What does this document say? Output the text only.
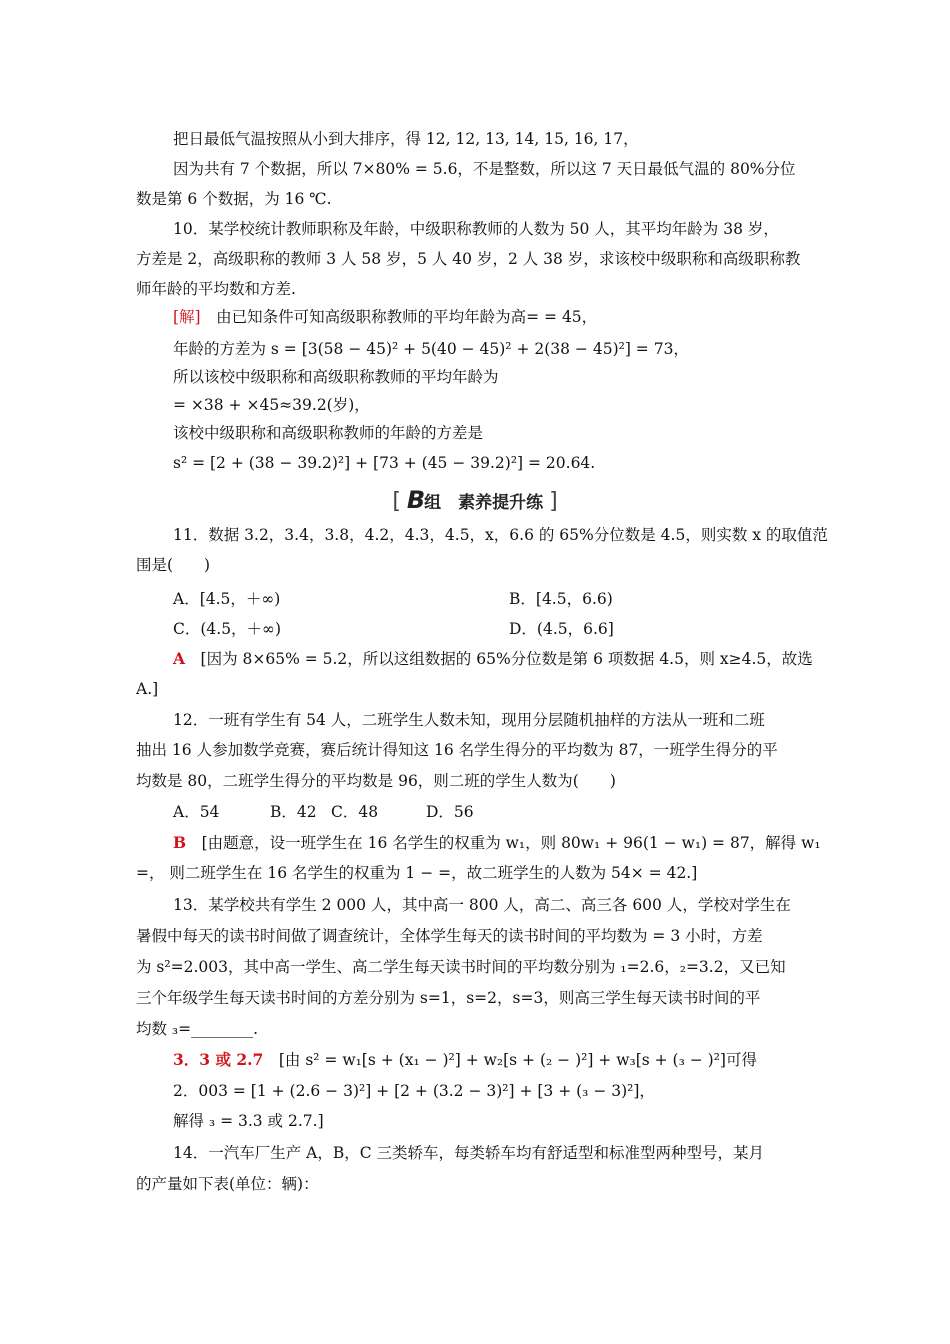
把日最低气温按照从小到大排序，得 12, 12, 13, 14, 15, 16, 17，
因为共有 7 个数据，所以 7×80% = 5.6，不是整数，所以这 7 天日最低气温的 80%分位
数是第 6 个数据，为 16 ℃.
10．某学校统计教师职称及年龄，中级职称教师的人数为 50 人，其平均年龄为 38 岁，
方差是 2，高级职称的教师 3 人 58 岁，5 人 40 岁，2 人 38 岁，求该校中级职称和高级职称教
师年龄的平均数和方差.
年龄的方差为 s = [3(58 − 45)² + 5(40 − 45)² + 2(38 − 45)²] = 73，
所以该校中级职称和高级职称教师的平均年龄为
= ×38 + ×45≈39.2(岁)，
该校中级职称和高级职称教师的年龄的方差是
s² = [2 + (38 − 39.2)²] + [73 + (45 − 39.2)²] = 20.64.
11．数据 3.2，3.4，3.8，4.2，4.3，4.5，x，6.6 的 65%分位数是 4.5，则实数 x 的取值范
围是(　　)
A.]
12．一班有学生有 54 人，二班学生人数未知，现用分层随机抽样的方法从一班和二班
抽出 16 人参加数学竞赛，赛后统计得知这 16 名学生得分的平均数为 87，一班学生得分的平
均数是 80，二班学生得分的平均数是 96，则二班的学生人数为(　　)
=， 则二班学生在 16 名学生的权重为 1 − =，故二班学生的人数为 54× = 42.]
13．某学校共有学生 2 000 人，其中高一 800 人，高二、高三各 600 人，学校对学生在
暑假中每天的读书时间做了调查统计，全体学生每天的读书时间的平均数为 = 3 小时，方差
为 s²=2.003，其中高一学生、高二学生每天读书时间的平均数分别为 ₁=2.6，₂=3.2，又已知
三个年级学生每天读书时间的方差分别为 s=1，s=2，s=3，则高三学生每天读书时间的平
均数 ₃=________.
2．003 = [1 + (2.6 − 3)²] + [2 + (3.2 − 3)²] + [3 + (₃ − 3)²]，
解得 ₃ = 3.3 或 2.7.]
14．一汽车厂生产 A，B，C 三类轿车，每类轿车均有舒适型和标准型两种型号，某月
的产量如下表(单位：辆)：
[解]　由已知条件可知高级职称教师的平均年龄为高= = 45，
[ B组　素养提升练 ]
A．[4.5，＋∞)	B．[4.5，6.6)
C．(4.5，＋∞)	D．(4.5，6.6]
A　[因为 8×65% = 5.2，所以这组数据的 65%分位数是第 6 项数据 4.5，则 x≥4.5，故选
A．54	B．42 C．48	D．56
B　[由题意，设一班学生在 16 名学生的权重为 w₁，则 80w₁ + 96(1 − w₁) = 87，解得 w₁
3．3 或 2.7　[由 s² = w₁[s + (x₁ − )²] + w₂[s + (₂ − )²] + w₃[s + (₃ − )²]可得
